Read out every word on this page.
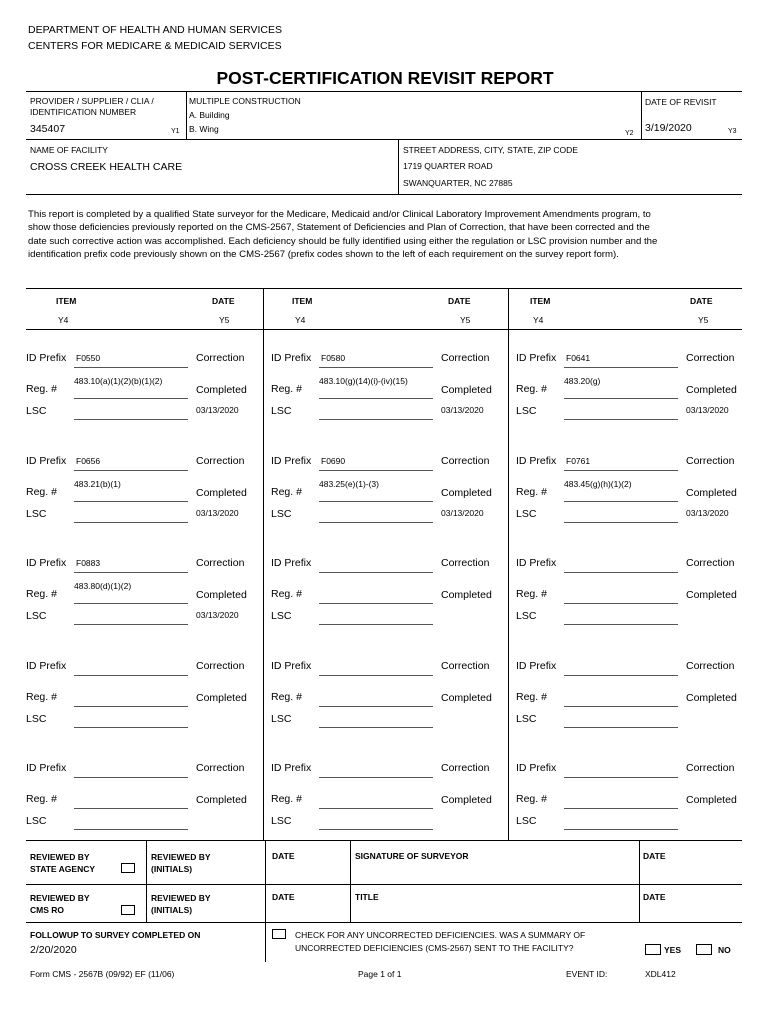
DEPARTMENT OF HEALTH AND HUMAN SERVICES
CENTERS FOR MEDICARE & MEDICAID SERVICES
POST-CERTIFICATION REVISIT REPORT
PROVIDER / SUPPLIER / CLIA /
IDENTIFICATION NUMBER
345407	Y1
MULTIPLE CONSTRUCTION
A. Building
B. Wing	Y2
DATE OF REVISIT
3/19/2020	Y3
NAME OF FACILITY
CROSS CREEK HEALTH CARE
STREET ADDRESS, CITY, STATE, ZIP CODE
1719 QUARTER ROAD
SWANQUARTER, NC 27885
This report is completed by a qualified State surveyor for the Medicare, Medicaid and/or Clinical Laboratory Improvement Amendments program, to show those deficiencies previously reported on the CMS-2567, Statement of Deficiencies and Plan of Correction, that have been corrected and the date such corrective action was accomplished. Each deficiency should be fully identified using either the regulation or LSC provision number and the identification prefix code previously shown on the CMS-2567 (prefix codes shown to the left of each requirement on the survey report form).
ITEM	DATE
Y4	Y5
ITEM	DATE
Y4	Y5
ITEM	DATE
Y4	Y5
ID Prefix F0550	Correction
483.10(a)(1)(2)(b)(1)(2)
Reg. #	Completed
LSC	03/13/2020
ID Prefix F0580	Correction
483.10(g)(14)(i)-(iv)(15)
Reg. #	Completed
LSC	03/13/2020
ID Prefix F0641	Correction
483.20(g)
Reg. #	Completed
LSC	03/13/2020
ID Prefix F0656	Correction
483.21(b)(1)
Reg. #	Completed
LSC	03/13/2020
ID Prefix F0690	Correction
483.25(e)(1)-(3)
Reg. #	Completed
LSC	03/13/2020
ID Prefix F0761	Correction
483.45(g)(h)(1)(2)
Reg. #	Completed
LSC	03/13/2020
ID Prefix F0883	Correction
483.80(d)(1)(2)
Reg. #	Completed
LSC	03/13/2020
ID Prefix	Correction
Reg. #	Completed
LSC
ID Prefix	Correction
Reg. #	Completed
LSC
ID Prefix	Correction
Reg. #	Completed
LSC
ID Prefix	Correction
Reg. #	Completed
LSC
ID Prefix	Correction
Reg. #	Completed
LSC
ID Prefix	Correction
Reg. #	Completed
LSC
ID Prefix	Correction
Reg. #	Completed
LSC
ID Prefix	Correction
Reg. #	Completed
LSC
REVIEWED BY
STATE AGENCY
REVIEWED BY
(INITIALS)
DATE	SIGNATURE OF SURVEYOR	DATE
REVIEWED BY
CMS RO
REVIEWED BY
(INITIALS)
DATE	TITLE	DATE
FOLLOWUP TO SURVEY COMPLETED ON
2/20/2020
CHECK FOR ANY UNCORRECTED DEFICIENCIES. WAS A SUMMARY OF
UNCORRECTED DEFICIENCIES (CMS-2567) SENT TO THE FACILITY?	YES	NO
Form CMS - 2567B (09/92) EF (11/06)	Page 1 of 1	EVENT ID:	XDL412
